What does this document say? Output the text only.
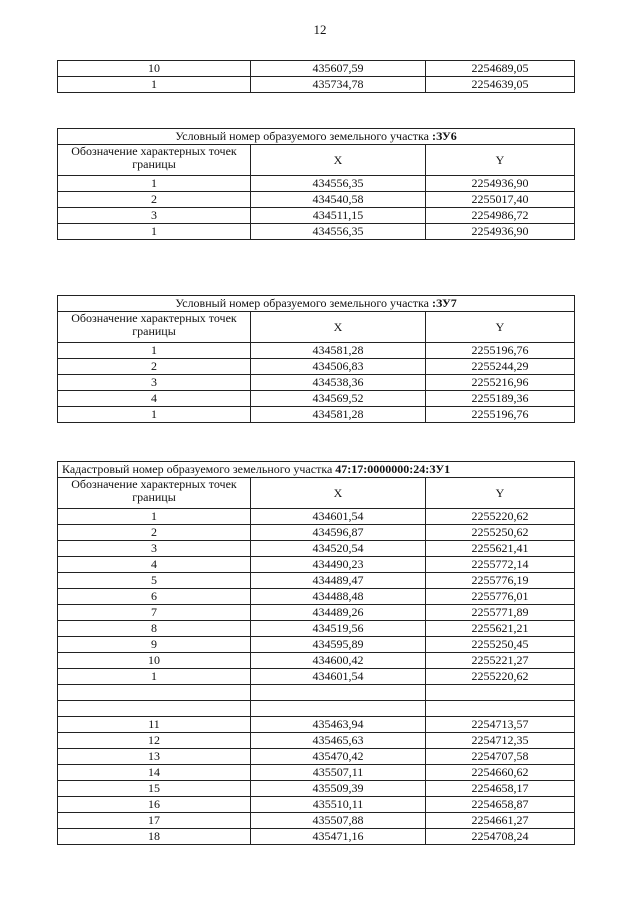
12
10	435607,59	2254689,05
1	435734,78	2254639,05
Условный номер образуемого земельного участка :ЗУ6		
Обозначение характерных точек границы	X	Y
1	434556,35	2254936,90
2	434540,58	2255017,40
3	434511,15	2254986,72
1	434556,35	2254936,90
Условный номер образуемого земельного участка :ЗУ7		
Обозначение характерных точек границы	X	Y
1	434581,28	2255196,76
2	434506,83	2255244,29
3	434538,36	2255216,96
4	434569,52	2255189,36
1	434581,28	2255196,76
Кадастровый номер образуемого земельного участка 47:17:0000000:24:ЗУ1		
Обозначение характерных точек границы	X	Y
1	434601,54	2255220,62
2	434596,87	2255250,62
3	434520,54	2255621,41
4	434490,23	2255772,14
5	434489,47	2255776,19
6	434488,48	2255776,01
7	434489,26	2255771,89
8	434519,56	2255621,21
9	434595,89	2255250,45
10	434600,42	2255221,27
1	434601,54	2255220,62

11	435463,94	2254713,57
12	435465,63	2254712,35
13	435470,42	2254707,58
14	435507,11	2254660,62
15	435509,39	2254658,17
16	435510,11	2254658,87
17	435507,88	2254661,27
18	435471,16	2254708,24
